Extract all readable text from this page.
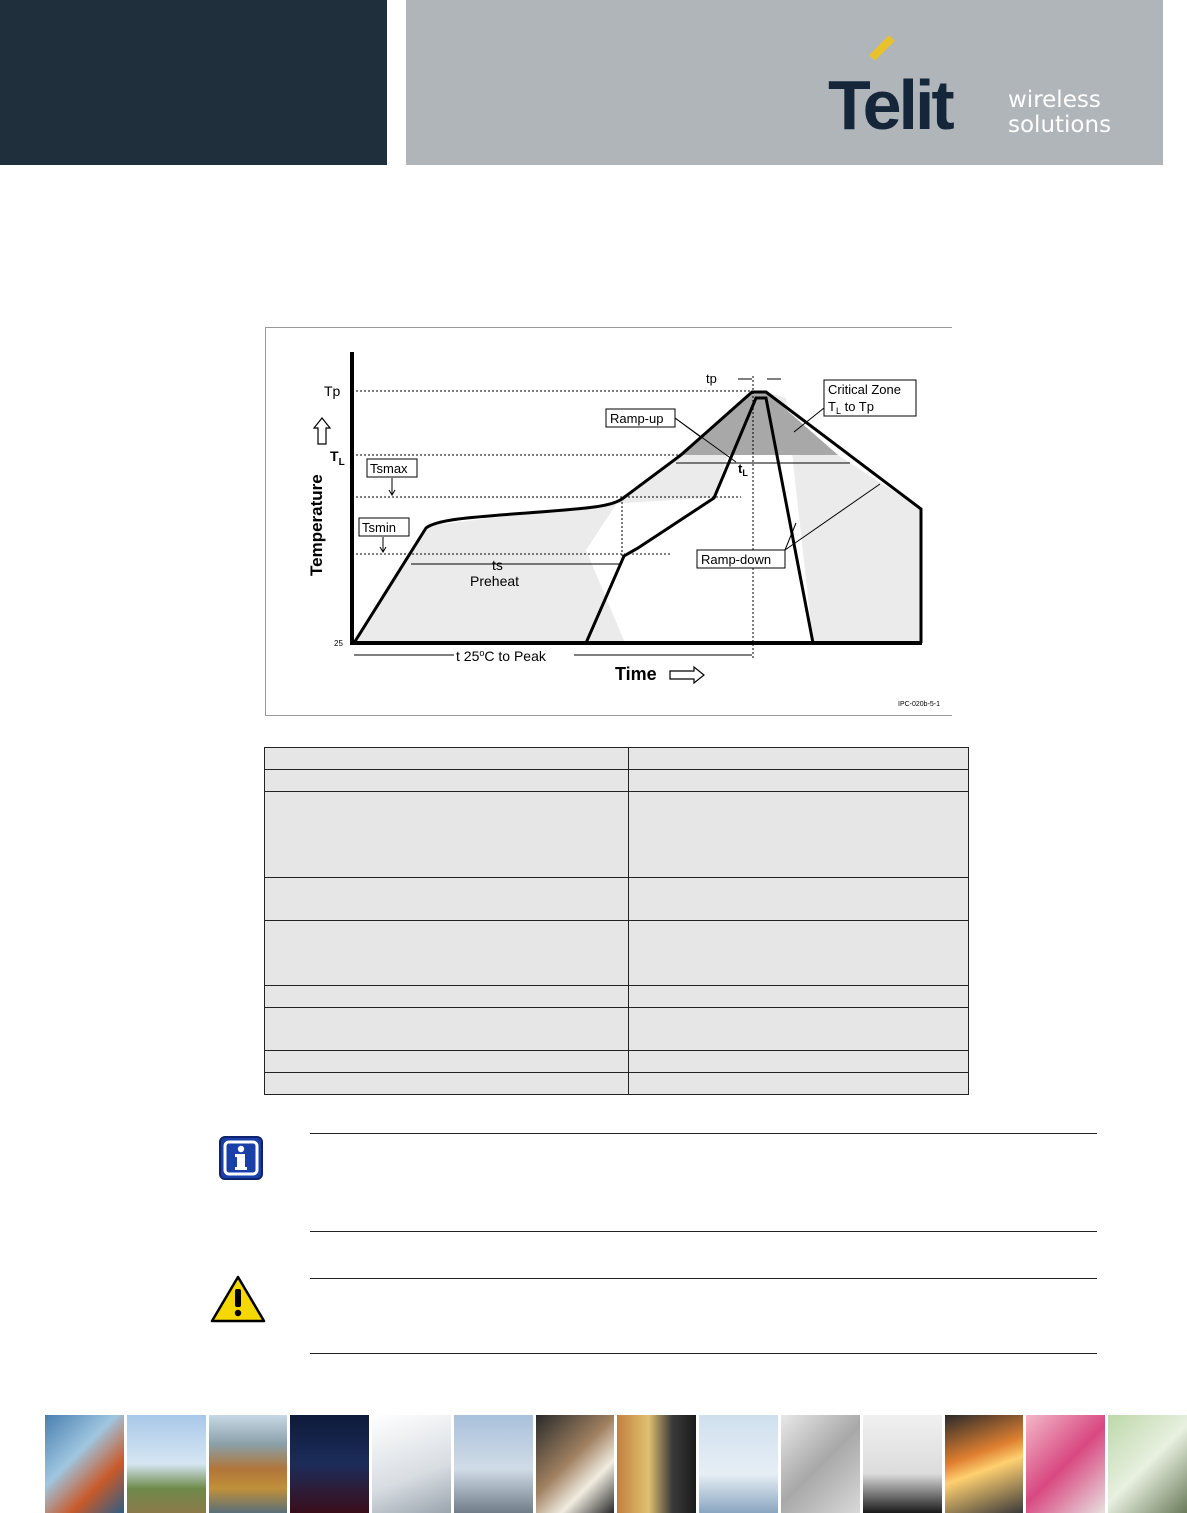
Telit wireless
solutions
Tp
$T_L$
25
Temperature
Tsmax
Tsmin
Ramp-up
Ramp-down
Critical Zone
$T_L$ to Tp
tp
$t_L$
ts
Preheat
t 25$^o$C to Peak
Time
IPC-020b-5-1
